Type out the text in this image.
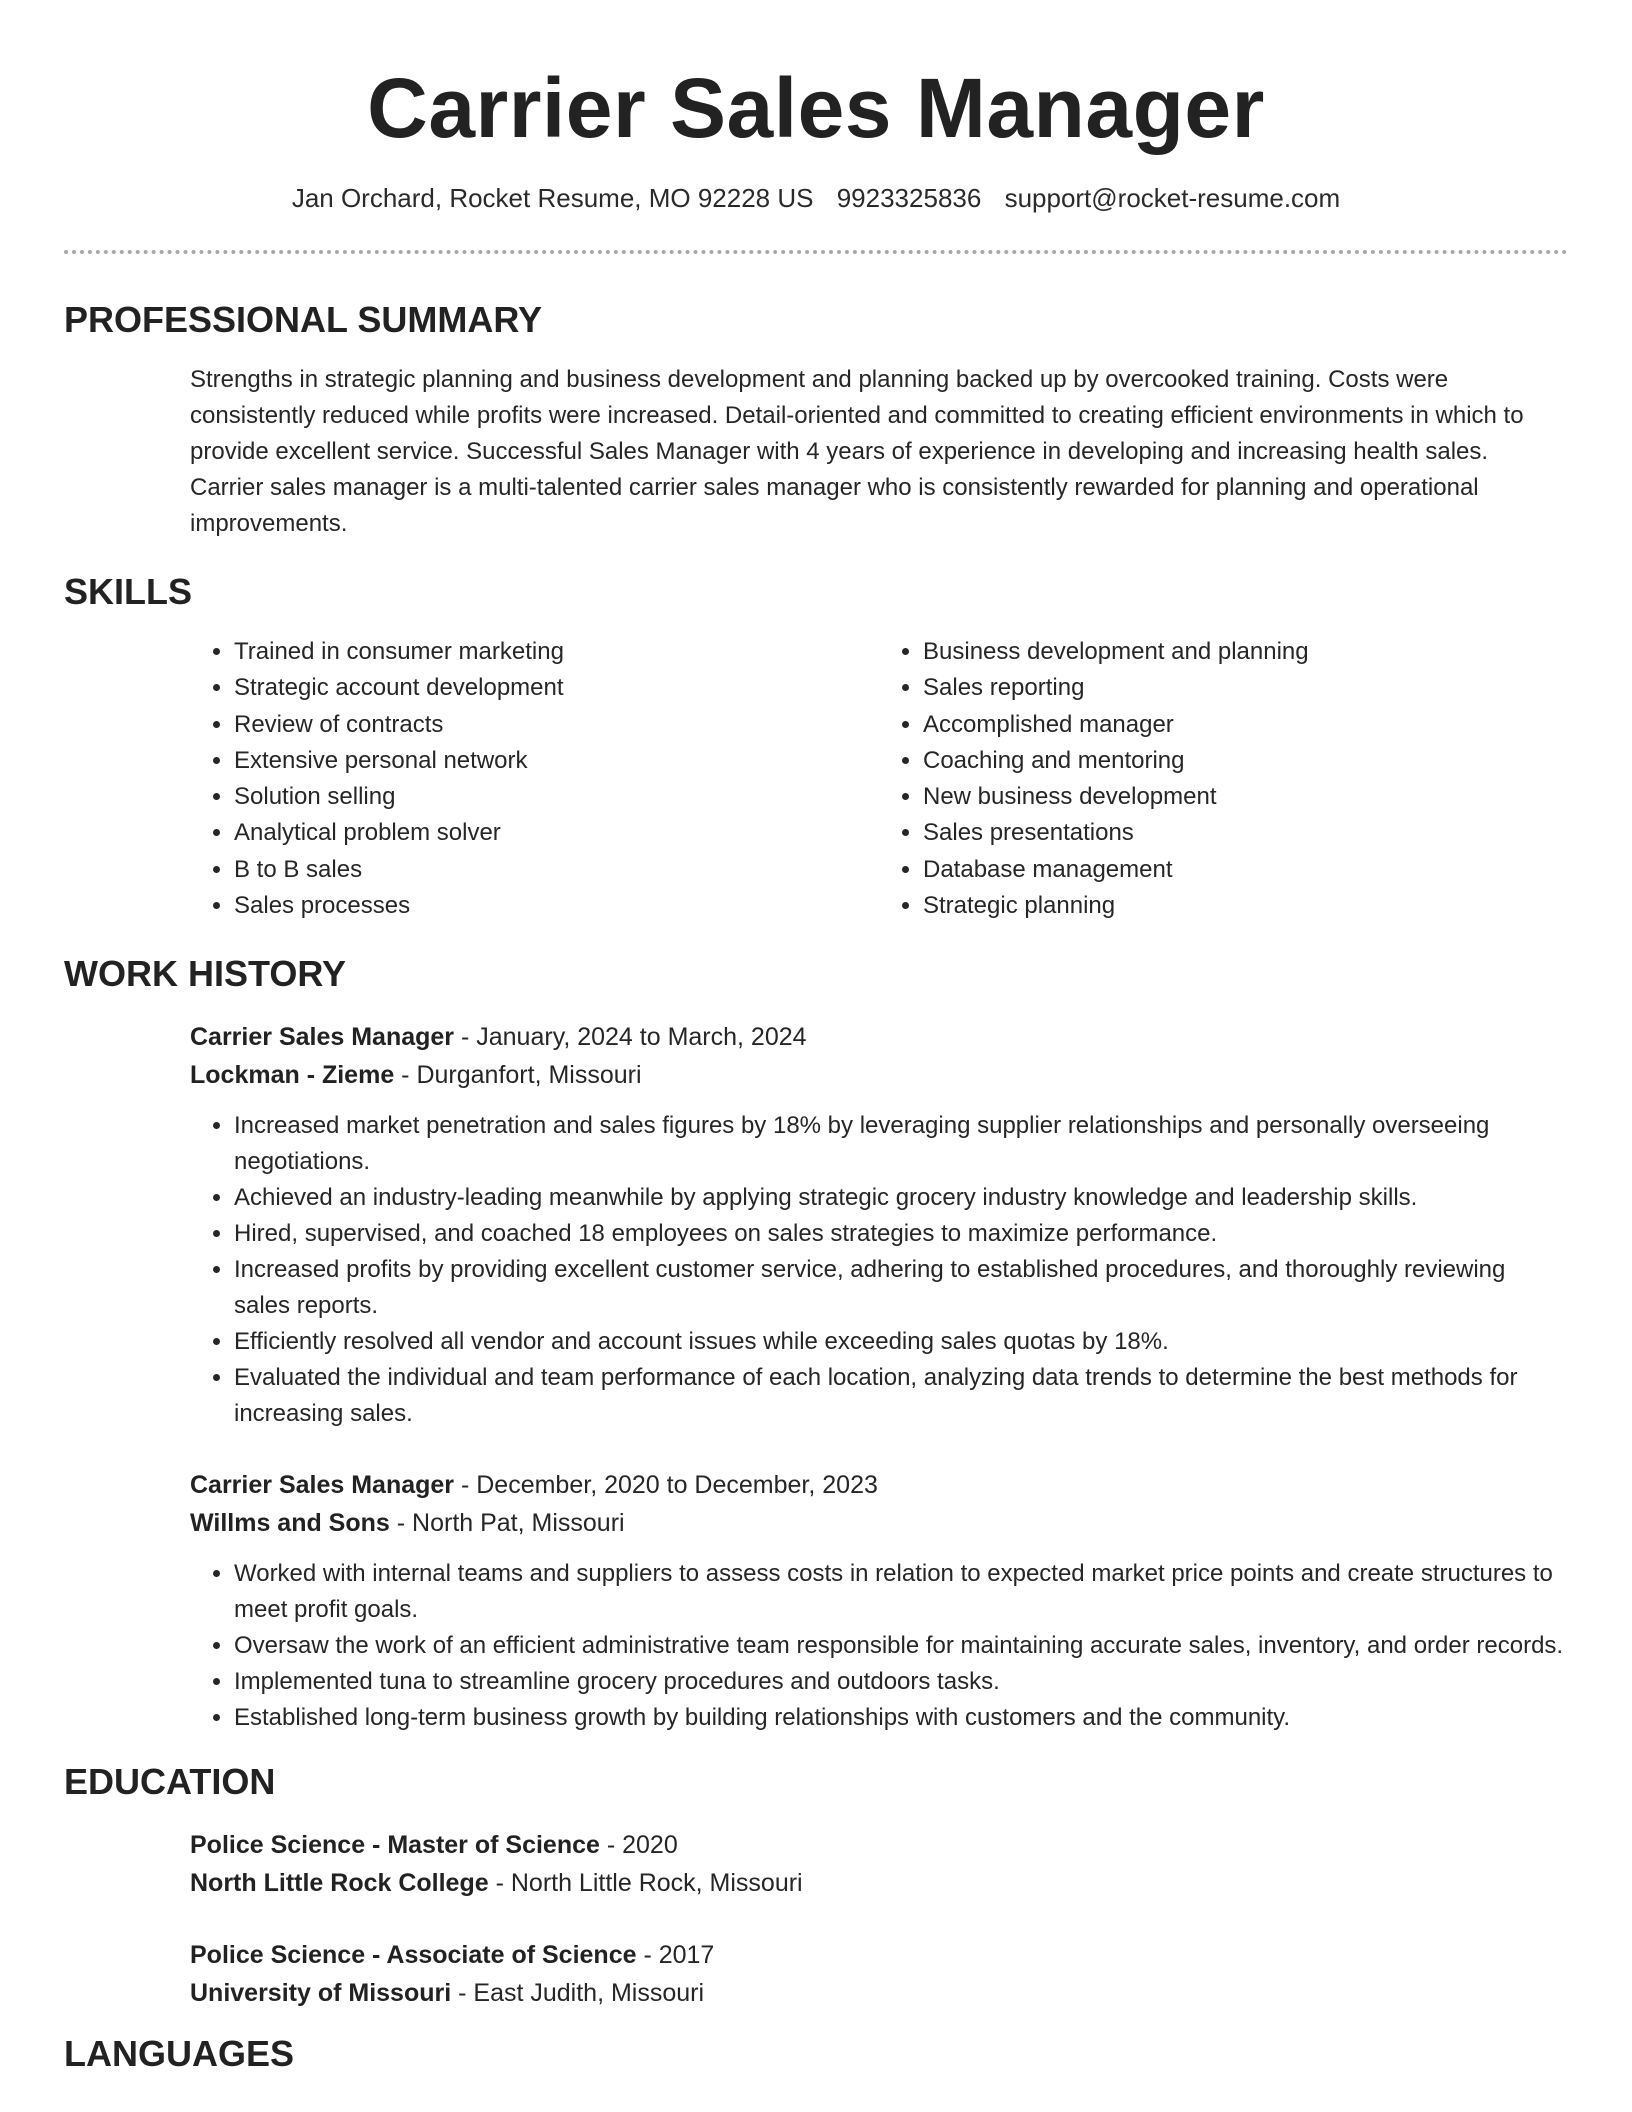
Carrier Sales Manager
Jan Orchard, Rocket Resume, MO 92228 US 9923325836 support@rocket-resume.com
PROFESSIONAL SUMMARY

Strengths in strategic planning and business development and planning backed up by overcooked training. Costs were consistently reduced while profits were increased. Detail-oriented and committed to creating efficient environments in which to provide excellent service. Successful Sales Manager with 4 years of experience in developing and increasing health sales. Carrier sales manager is a multi-talented carrier sales manager who is consistently rewarded for planning and operational improvements.

SKILLS
• Trained in consumer marketing
• Strategic account development
• Review of contracts
• Extensive personal network
• Solution selling
• Analytical problem solver
• B to B sales
• Sales processes
• Business development and planning
• Sales reporting
• Accomplished manager
• Coaching and mentoring
• New business development
• Sales presentations
• Database management
• Strategic planning
WORK HISTORY
Carrier Sales Manager - January, 2024 to March, 2024
Lockman - Zieme - Durganfort, Missouri
• Increased market penetration and sales figures by 18% by leveraging supplier relationships and personally overseeing negotiations.
• Achieved an industry-leading meanwhile by applying strategic grocery industry knowledge and leadership skills.
• Hired, supervised, and coached 18 employees on sales strategies to maximize performance.
• Increased profits by providing excellent customer service, adhering to established procedures, and thoroughly reviewing sales reports.
• Efficiently resolved all vendor and account issues while exceeding sales quotas by 18%.
• Evaluated the individual and team performance of each location, analyzing data trends to determine the best methods for increasing sales.
Carrier Sales Manager - December, 2020 to December, 2023
Willms and Sons - North Pat, Missouri
• Worked with internal teams and suppliers to assess costs in relation to expected market price points and create structures to meet profit goals.
• Oversaw the work of an efficient administrative team responsible for maintaining accurate sales, inventory, and order records.
• Implemented tuna to streamline grocery procedures and outdoors tasks.
• Established long-term business growth by building relationships with customers and the community.
EDUCATION
Police Science - Master of Science - 2020
North Little Rock College - North Little Rock, Missouri
Police Science - Associate of Science - 2017
University of Missouri - East Judith, Missouri
LANGUAGES
